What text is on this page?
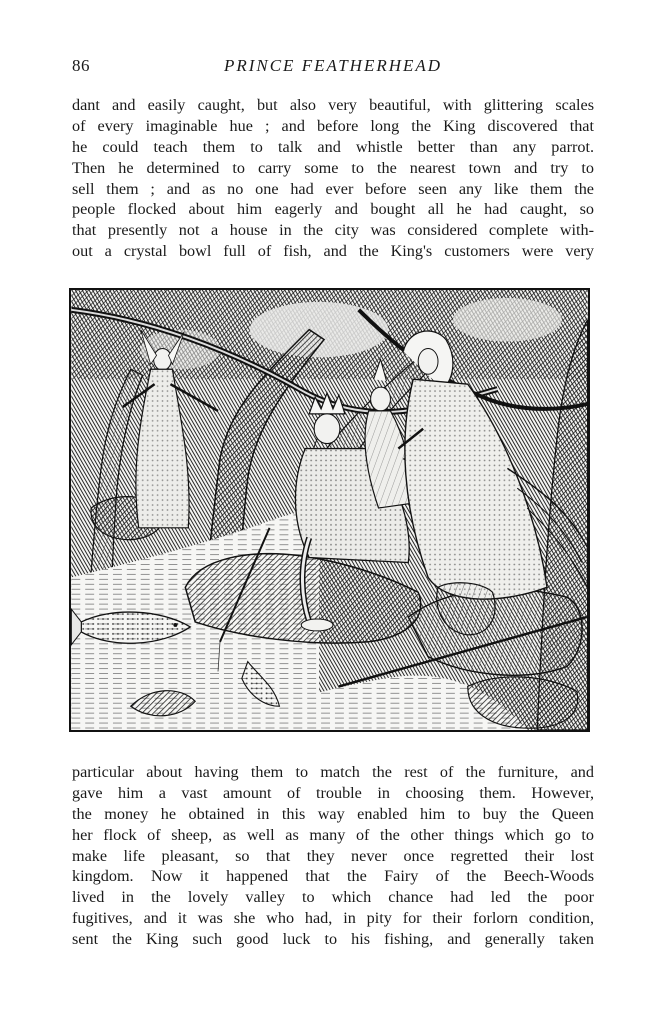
86	PRINCE FEATHERHEAD
dant and easily caught, but also very beautiful, with glittering scales
of every imaginable hue ; and before long the King discovered that
he could teach them to talk and whistle better than any parrot.
Then he determined to carry some to the nearest town and try to
sell them ; and as no one had ever before seen any like them the
people flocked about him eagerly and bought all he had caught, so
that presently not a house in the city was considered complete with-
out a crystal bowl full of fish, and the King's customers were very
particular about having them to match the rest of the furniture, and
gave him a vast amount of trouble in choosing them. However,
the money he obtained in this way enabled him to buy the Queen
her flock of sheep, as well as many of the other things which go to
make life pleasant, so that they never once regretted their lost
kingdom. Now it happened that the Fairy of the Beech-Woods
lived in the lovely valley to which chance had led the poor
fugitives, and it was she who had, in pity for their forlorn condition,
sent the King such good luck to his fishing, and generally taken
